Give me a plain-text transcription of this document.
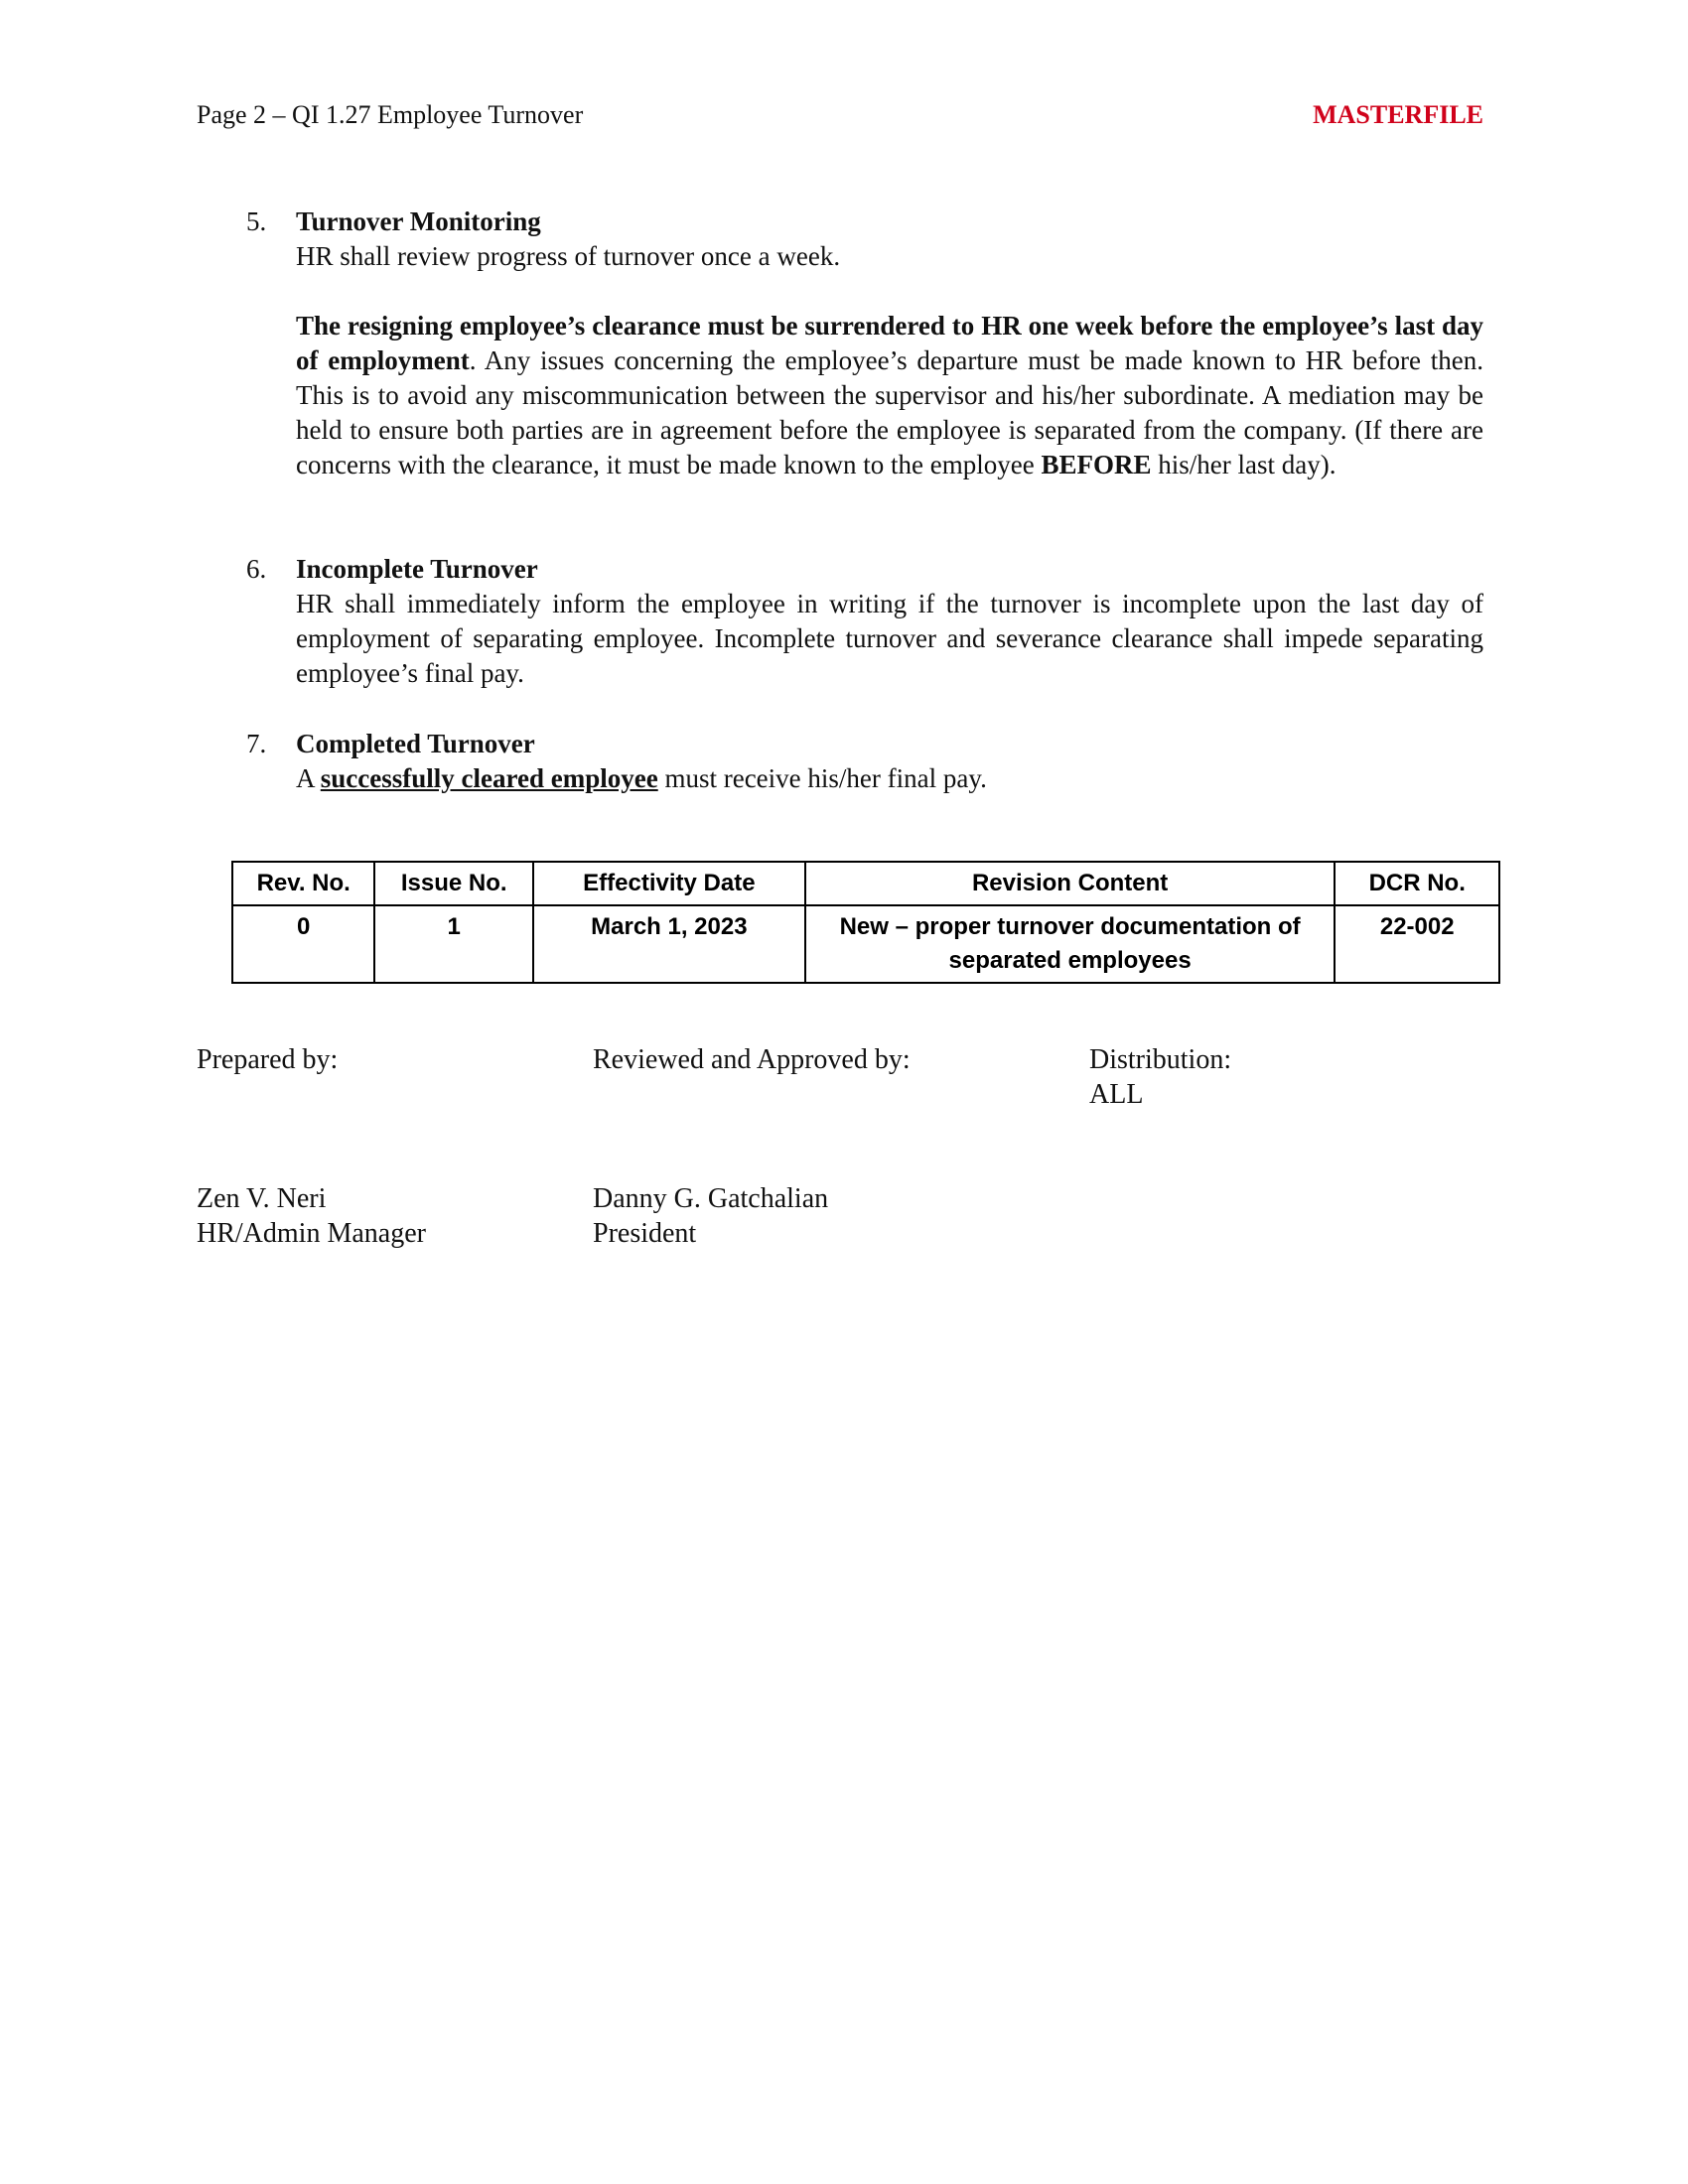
Page 2 – QI 1.27 Employee Turnover	MASTERFILE
5. Turnover Monitoring
HR shall review progress of turnover once a week.
The resigning employee’s clearance must be surrendered to HR one week before the employee’s last day of employment. Any issues concerning the employee’s departure must be made known to HR before then. This is to avoid any miscommunication between the supervisor and his/her subordinate. A mediation may be held to ensure both parties are in agreement before the employee is separated from the company. (If there are concerns with the clearance, it must be made known to the employee BEFORE his/her last day).
6. Incomplete Turnover
HR shall immediately inform the employee in writing if the turnover is incomplete upon the last day of employment of separating employee. Incomplete turnover and severance clearance shall impede separating employee’s final pay.
7. Completed Turnover
A successfully cleared employee must receive his/her final pay.
Rev. No.	Issue No.	Effectivity Date	Revision Content	DCR No.
0	1	March 1, 2023	New – proper turnover documentation of separated employees	22-002
Prepared by:	Reviewed and Approved by:	Distribution:
ALL
Zen V. Neri
HR/Admin Manager
Danny G. Gatchalian
President
